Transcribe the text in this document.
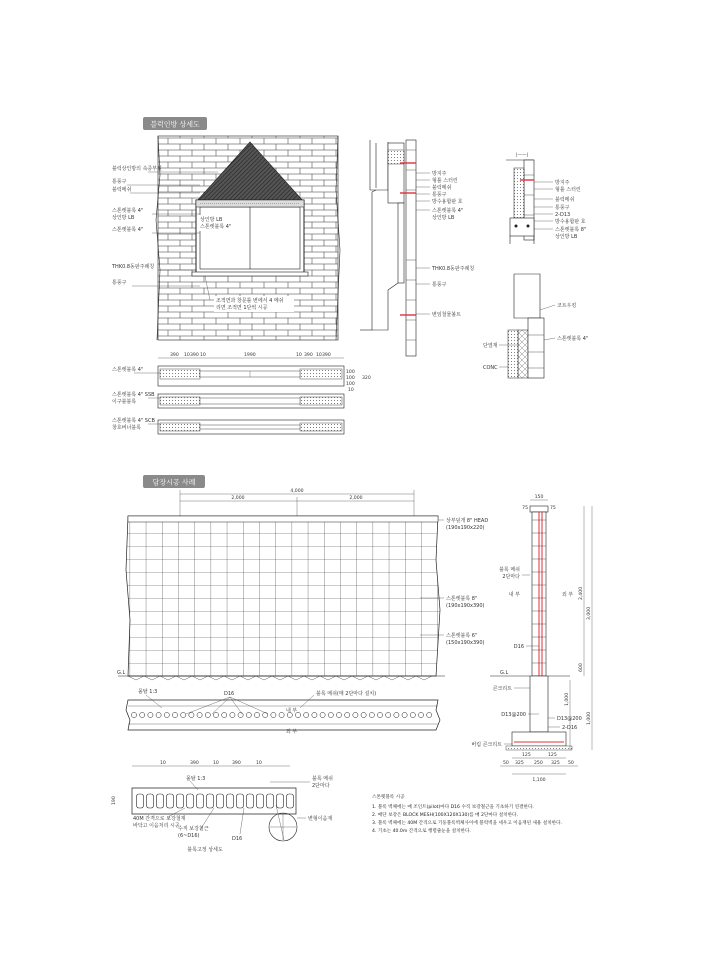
블럭인방 상세도
블럭상인방의 속증부설
통풍구
블럭메쉬
스톤렛블록 4"
상인방 LB
스톤렛블록 4"
THK0.8동판주례칭
통풍구
상인방 LB
스톤렛블록 4"
조적면과 창문틀 변에서 4 메쉬
리면 조적면 1단씩 시공
방지주
형틀 스터린
블럭메쉬
통풍구
방수용합판 호
스톤렛블록 4"
상인방 LB
THK0.8동판주례칭
통풍구
변임철물볼트
|——|
방지주
형틀 스터린
블럭메쉬
통풍구
2-D13
방수용합판 호
스톤렛블록 8"
상인방 LB
코트우킹
스톤렛블록 4"
단열재
CONC
390 10 390 10	1990	10 390 10 390
100
100
100
320
10
스톤렛블록 4"
스톤렛블록 4" SSB
이구블블록
스톤렛블록 4" SCB
창호버너블록
담장시공 사례
4,000
2,000	2,000
G.L
상부덮개 8" HEAD
(190x190x220)
스톤렛블록 8"
(190x190x390)
스톤렛블록 6"
(150x190x390)
몰탈 1:3	D16	블록 메쉬(매 2단마다 설치)
내 부
외 부
150
75	75
3,000
2,400
600
1,000
1,000
125	125
50 325 250 325 50
1,100
블록 메쉬
2단마다
내 부	외 부
D16
G.L
콘크리트
D13@200
D13@200
2-D16
버림 콘크리트
10	390	10	390	10
190
몰탈 1:3	블록 메쉬
2단마다
40M 간격으로 보강철재
바닥고 이음처리 시공
수직 보강철근
(6~D16)	D16
변형이음재
블록고정 상세도
스톤렛블록 시공
1. 블록 벽체에는 매 조인트(pilot)마다 D16 수직 보강철근을 기초하기 연결한다.
2. 매단 보강은 BLOCK MESH(100X120X130)를 매 2단마다 설치한다.
3. 블록 벽체에는 40M 간격으로 기둥블록벽체사이에 블럭벽을 세우고 이음재된 새용 설치한다.
4. 기초는 40.0m 간격으로 행렬줄눈을 설치한다.
